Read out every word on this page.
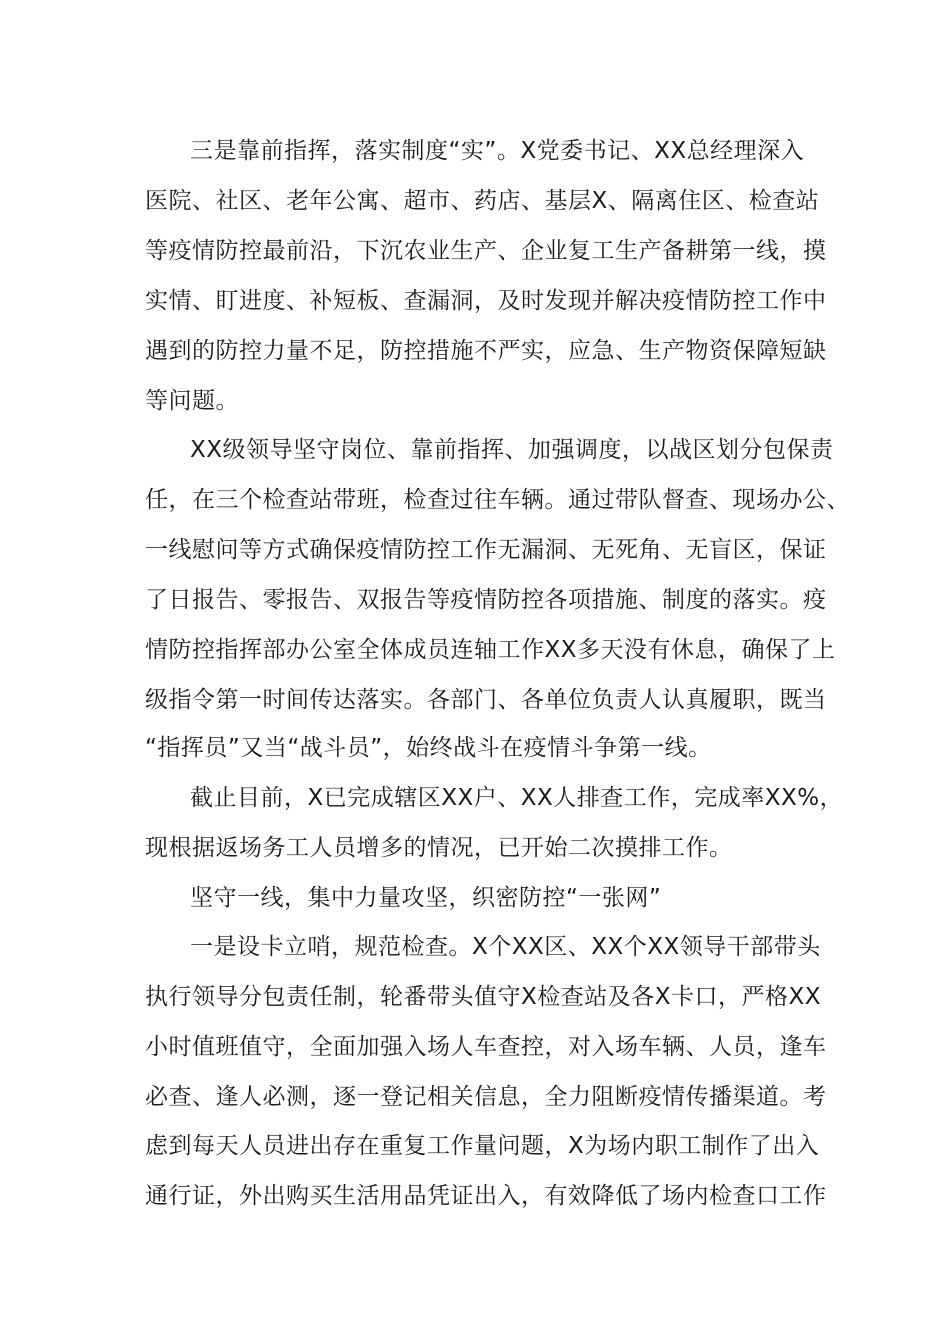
三是靠前指挥，落实制度“实”。X党委书记、XX总经理深入
医院、社区、老年公寓、超市、药店、基层X、隔离住区、检查站
等疫情防控最前沿，下沉农业生产、企业复工生产备耕第一线，摸
实情、盯进度、补短板、查漏洞，及时发现并解决疫情防控工作中
遇到的防控力量不足，防控措施不严实，应急、生产物资保障短缺
等问题。
XX级领导坚守岗位、靠前指挥、加强调度，以战区划分包保责
任，在三个检查站带班，检查过往车辆。通过带队督查、现场办公、
一线慰问等方式确保疫情防控工作无漏洞、无死角、无盲区，保证
了日报告、零报告、双报告等疫情防控各项措施、制度的落实。疫
情防控指挥部办公室全体成员连轴工作XX多天没有休息，确保了上
级指令第一时间传达落实。各部门、各单位负责人认真履职，既当
“指挥员”又当“战斗员”，始终战斗在疫情斗争第一线。
截止目前，X已完成辖区XX户、XX人排查工作，完成率XX%，
现根据返场务工人员增多的情况，已开始二次摸排工作。
坚守一线，集中力量攻坚，织密防控“一张网”
一是设卡立哨，规范检查。X个XX区、XX个XX领导干部带头
执行领导分包责任制，轮番带头值守X检查站及各X卡口，严格XX
小时值班值守，全面加强入场人车查控，对入场车辆、人员，逢车
必查、逢人必测，逐一登记相关信息，全力阻断疫情传播渠道。考
虑到每天人员进出存在重复工作量问题，X为场内职工制作了出入
通行证，外出购买生活用品凭证出入，有效降低了场内检查口工作
